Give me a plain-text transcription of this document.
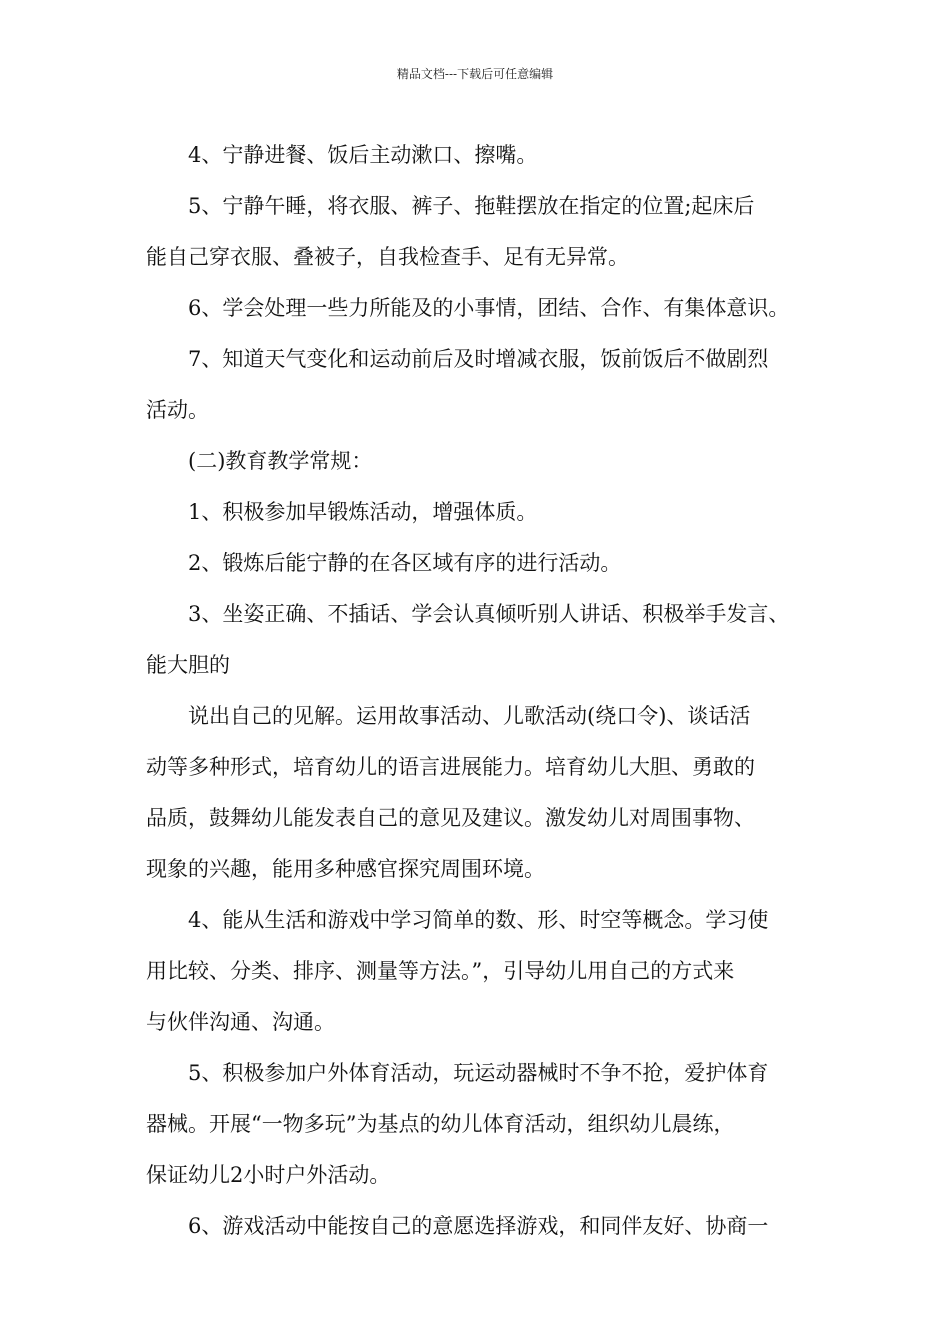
精品文档---下载后可任意编辑

4、宁静进餐、饭后主动漱口、擦嘴。

5、宁静午睡，将衣服、裤子、拖鞋摆放在指定的位置;起床后
能自己穿衣服、叠被子，自我检查手、足有无异常。

6、学会处理一些力所能及的小事情，团结、合作、有集体意识。

7、知道天气变化和运动前后及时增减衣服，饭前饭后不做剧烈
活动。

(二)教育教学常规：

1、积极参加早锻炼活动，增强体质。

2、锻炼后能宁静的在各区域有序的进行活动。

3、坐姿正确、不插话、学会认真倾听别人讲话、积极举手发言、
能大胆的

说出自己的见解。运用故事活动、儿歌活动(绕口令)、谈话活
动等多种形式，培育幼儿的语言进展能力。培育幼儿大胆、勇敢的
品质，鼓舞幼儿能发表自己的意见及建议。激发幼儿对周围事物、
现象的兴趣，能用多种感官探究周围环境。

4、能从生活和游戏中学习简单的数、形、时空等概念。学习使
用比较、分类、排序、测量等方法。”，引导幼儿用自己的方式来
与伙伴沟通、沟通。

5、积极参加户外体育活动，玩运动器械时不争不抢，爱护体育
器械。开展“一物多玩”为基点的幼儿体育活动，组织幼儿晨练，
保证幼儿2小时户外活动。

6、游戏活动中能按自己的意愿选择游戏，和同伴友好、协商一
